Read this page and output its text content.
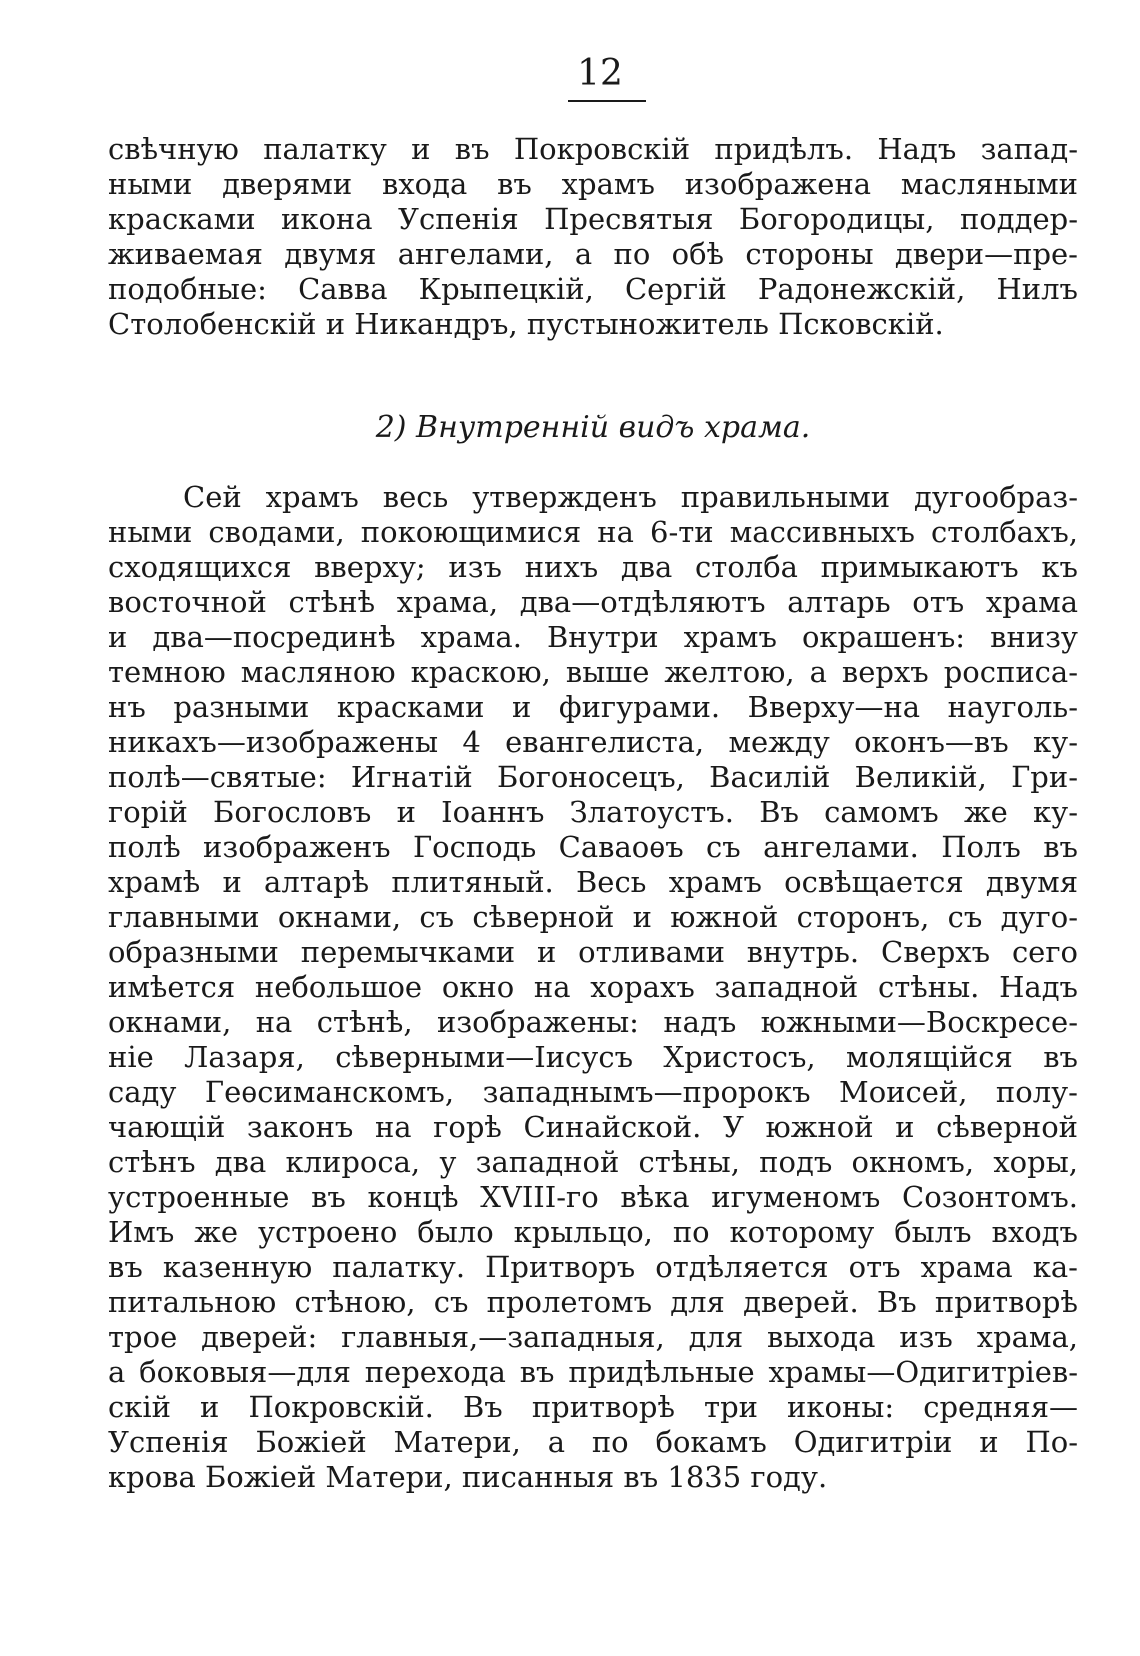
12
свѣчную палатку и въ Покровскій придѣлъ. Надъ запад-
ными дверями входа въ храмъ изображена масляными
красками икона Успенія Пресвятыя Богородицы, поддер-
живаемая двумя ангелами, а по обѣ стороны двери—пре-
подобные: Савва Крыпецкій, Сергій Радонежскій, Нилъ
Столобенскій и Никандръ, пустыножитель Псковскій.
2) Внутренній видъ храма.
Сей храмъ весь утвержденъ правильными дугообраз-
ными сводами, покоющимися на 6-ти массивныхъ столбахъ,
сходящихся вверху; изъ нихъ два столба примыкаютъ къ
восточной стѣнѣ храма, два—отдѣляютъ алтарь отъ храма
и два—посрединѣ храма. Внутри храмъ окрашенъ: внизу
темною масляною краскою, выше желтою, а верхъ росписа-
нъ разными красками и фигурами. Вверху—на науголь-
никахъ—изображены 4 евангелиста, между оконъ—въ ку-
полѣ—святые: Игнатій Богоносецъ, Василій Великій, Гри-
горій Богословъ и Іоаннъ Златоустъ. Въ самомъ же ку-
полѣ изображенъ Господь Саваоѳъ съ ангелами. Полъ въ
храмѣ и алтарѣ плитяный. Весь храмъ освѣщается двумя
главными окнами, съ сѣверной и южной сторонъ, съ дуго-
образными перемычками и отливами внутрь. Сверхъ сего
имѣется небольшое окно на хорахъ западной стѣны. Надъ
окнами, на стѣнѣ, изображены: надъ южными—Воскресе-
ніе Лазаря, сѣверными—Іисусъ Христосъ, молящійся въ
саду Геѳсиманскомъ, западнымъ—пророкъ Моисей, полу-
чающій законъ на горѣ Синайской. У южной и сѣверной
стѣнъ два клироса, у западной стѣны, подъ окномъ, хоры,
устроенные въ концѣ XVIII-го вѣка игуменомъ Созонтомъ.
Имъ же устроено было крыльцо, по которому былъ входъ
въ казенную палатку. Притворъ отдѣляется отъ храма ка-
питальною стѣною, съ пролетомъ для дверей. Въ притворѣ
трое дверей: главныя,—западныя, для выхода изъ храма,
а боковыя—для перехода въ придѣльные храмы—Одигитріев-
скій и Покровскій. Въ притворѣ три иконы: средняя—
Успенія Божіей Матери, а по бокамъ Одигитріи и По-
крова Божіей Матери, писанныя въ 1835 году.
